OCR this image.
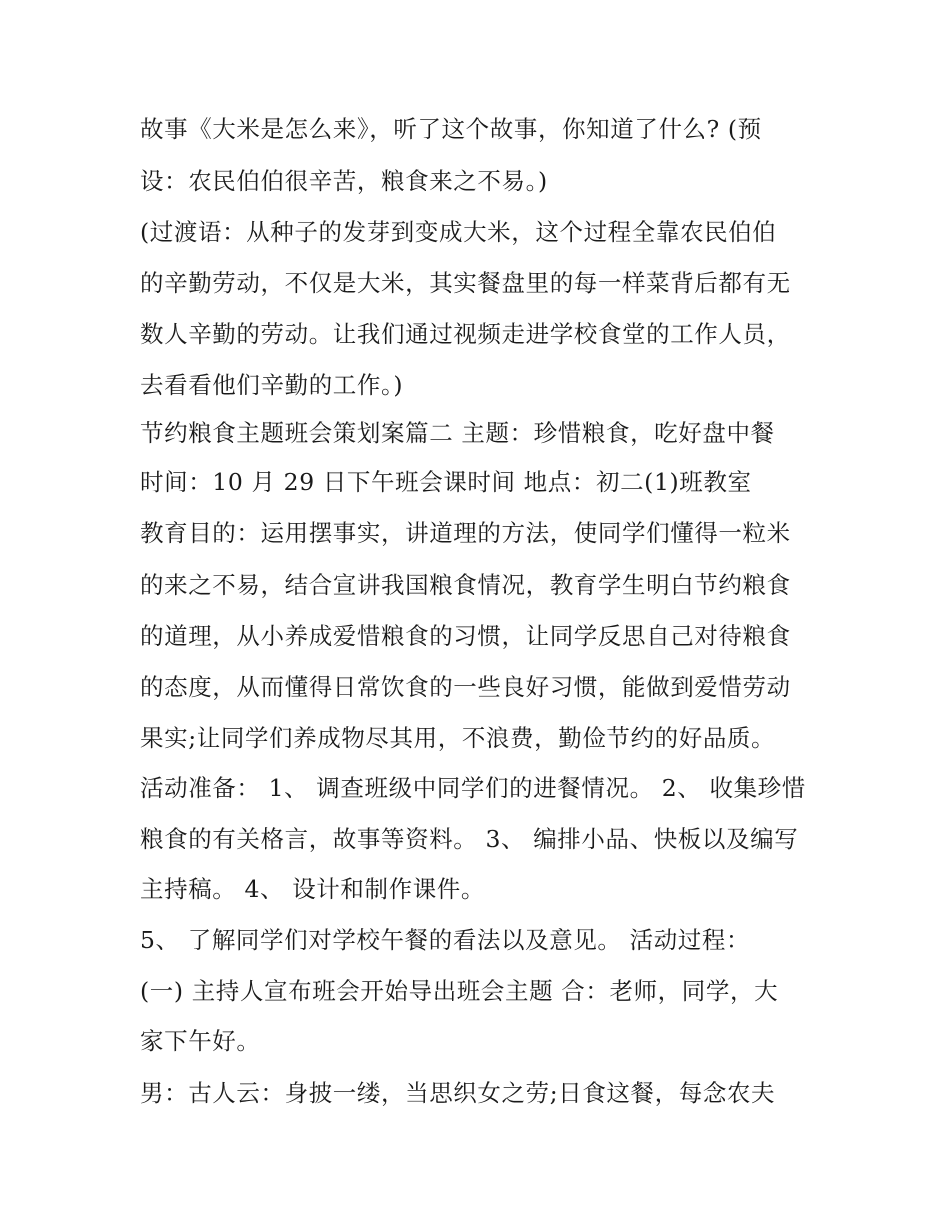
故事《大米是怎么来》，听了这个故事，你知道了什么? (预
设：农民伯伯很辛苦，粮食来之不易。)
(过渡语：从种子的发芽到变成大米，这个过程全靠农民伯伯
的辛勤劳动，不仅是大米，其实餐盘里的每一样菜背后都有无
数人辛勤的劳动。让我们通过视频走进学校食堂的工作人员，
去看看他们辛勤的工作。)
节约粮食主题班会策划案篇二 主题：珍惜粮食，吃好盘中餐
时间：10 月 29 日下午班会课时间 地点：初二(1)班教室
教育目的：运用摆事实，讲道理的方法，使同学们懂得一粒米
的来之不易，结合宣讲我国粮食情况，教育学生明白节约粮食
的道理，从小养成爱惜粮食的习惯，让同学反思自己对待粮食
的态度，从而懂得日常饮食的一些良好习惯，能做到爱惜劳动
果实;让同学们养成物尽其用，不浪费，勤俭节约的好品质。
活动准备： 1、 调查班级中同学们的进餐情况。 2、 收集珍惜
粮食的有关格言，故事等资料。 3、 编排小品、快板以及编写
主持稿。 4、 设计和制作课件。
5、 了解同学们对学校午餐的看法以及意见。 活动过程：
(一) 主持人宣布班会开始导出班会主题 合：老师，同学，大
家下午好。
男：古人云：身披一缕，当思织女之劳;日食这餐，每念农夫
